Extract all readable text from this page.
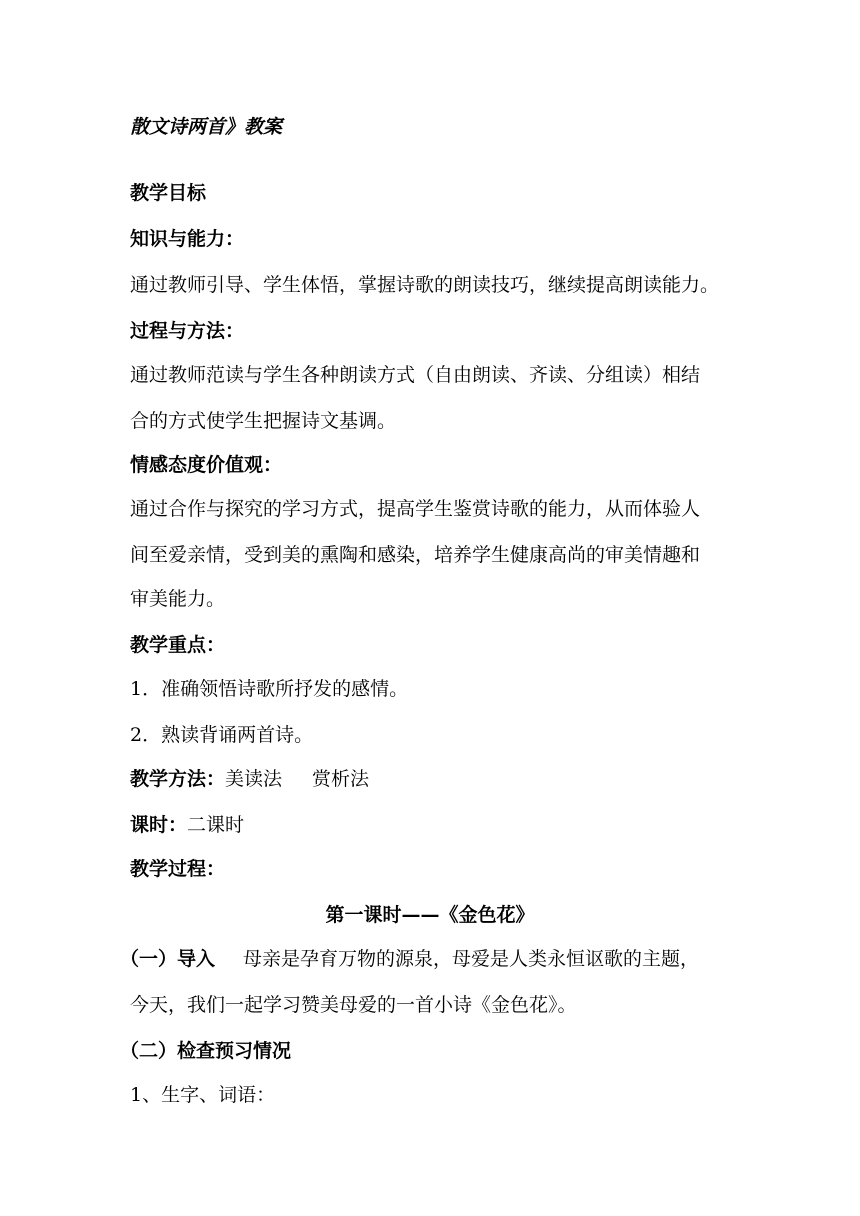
散文诗两首》教案
教学目标
知识与能力：
通过教师引导、学生体悟，掌握诗歌的朗读技巧，继续提高朗读能力。
过程与方法：
通过教师范读与学生各种朗读方式（自由朗读、齐读、分组读）相结
合的方式使学生把握诗文基调。
情感态度价值观：
通过合作与探究的学习方式，提高学生鉴赏诗歌的能力，从而体验人
间至爱亲情，受到美的熏陶和感染，培养学生健康高尚的审美情趣和
审美能力。
教学重点：
1．准确领悟诗歌所抒发的感情。
2．熟读背诵两首诗。
教学方法：美读法 赏析法
课时：二课时
教学过程：
第一课时——《金色花》
（一）导入 母亲是孕育万物的源泉，母爱是人类永恒讴歌的主题，
今天，我们一起学习赞美母爱的一首小诗《金色花》。
（二）检查预习情况
1、生字、词语：
